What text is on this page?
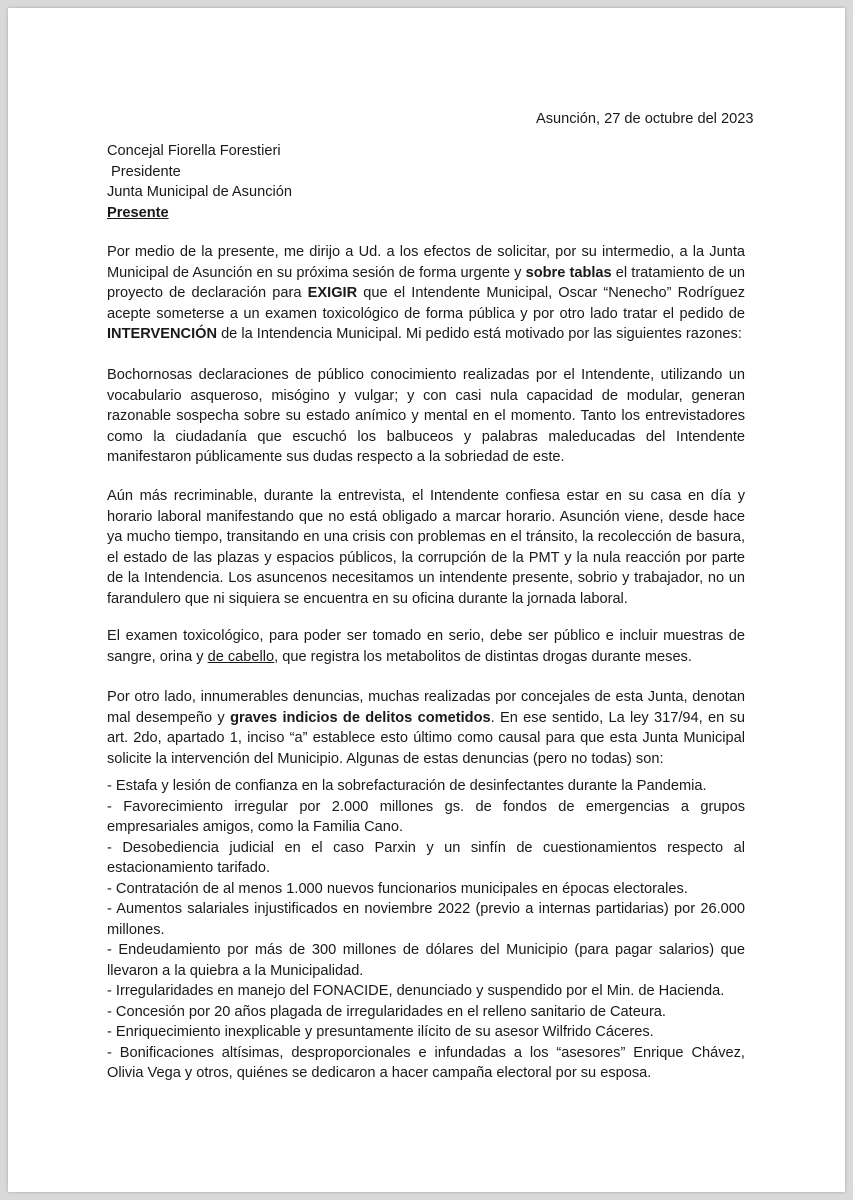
Asunción, 27 de octubre del 2023
Concejal Fiorella Forestieri
Presidente
Junta Municipal de Asunción
Presente

Por medio de la presente, me dirijo a Ud. a los efectos de solicitar, por su intermedio, a la Junta Municipal de Asunción en su próxima sesión de forma urgente y sobre tablas el tratamiento de un proyecto de declaración para EXIGIR que el Intendente Municipal, Oscar “Nenecho” Rodríguez acepte someterse a un examen toxicológico de forma pública y por otro lado tratar el pedido de INTERVENCIÓN de la Intendencia Municipal. Mi pedido está motivado por las siguientes razones:

Bochornosas declaraciones de público conocimiento realizadas por el Intendente, utilizando un vocabulario asqueroso, misógino y vulgar; y con casi nula capacidad de modular, generan razonable sospecha sobre su estado anímico y mental en el momento. Tanto los entrevistadores como la ciudadanía que escuchó los balbuceos y palabras maleducadas del Intendente manifestaron públicamente sus dudas respecto a la sobriedad de este.

Aún más recriminable, durante la entrevista, el Intendente confiesa estar en su casa en día y horario laboral manifestando que no está obligado a marcar horario. Asunción viene, desde hace ya mucho tiempo, transitando en una crisis con problemas en el tránsito, la recolección de basura, el estado de las plazas y espacios públicos, la corrupción de la PMT y la nula reacción por parte de la Intendencia. Los asuncenos necesitamos un intendente presente, sobrio y trabajador, no un farandulero que ni siquiera se encuentra en su oficina durante la jornada laboral.

El examen toxicológico, para poder ser tomado en serio, debe ser público e incluir muestras de sangre, orina y de cabello, que registra los metabolitos de distintas drogas durante meses.

Por otro lado, innumerables denuncias, muchas realizadas por concejales de esta Junta, denotan mal desempeño y graves indicios de delitos cometidos. En ese sentido, La ley 317/94, en su art. 2do, apartado 1, inciso “a” establece esto último como causal para que esta Junta Municipal solicite la intervención del Municipio. Algunas de estas denuncias (pero no todas) son:

- Estafa y lesión de confianza en la sobrefacturación de desinfectantes durante la Pandemia.
- Favorecimiento irregular por 2.000 millones gs. de fondos de emergencias a grupos empresariales amigos, como la Familia Cano.
- Desobediencia judicial en el caso Parxin y un sinfín de cuestionamientos respecto al estacionamiento tarifado.
- Contratación de al menos 1.000 nuevos funcionarios municipales en épocas electorales.
- Aumentos salariales injustificados en noviembre 2022 (previo a internas partidarias) por 26.000 millones.
- Endeudamiento por más de 300 millones de dólares del Municipio (para pagar salarios) que llevaron a la quiebra a la Municipalidad.
- Irregularidades en manejo del FONACIDE, denunciado y suspendido por el Min. de Hacienda.
- Concesión por 20 años plagada de irregularidades en el relleno sanitario de Cateura.
- Enriquecimiento inexplicable y presuntamente ilícito de su asesor Wilfrido Cáceres.
- Bonificaciones altísimas, desproporcionales e infundadas a los “asesores” Enrique Chávez, Olivia Vega y otros, quiénes se dedicaron a hacer campaña electoral por su esposa.
